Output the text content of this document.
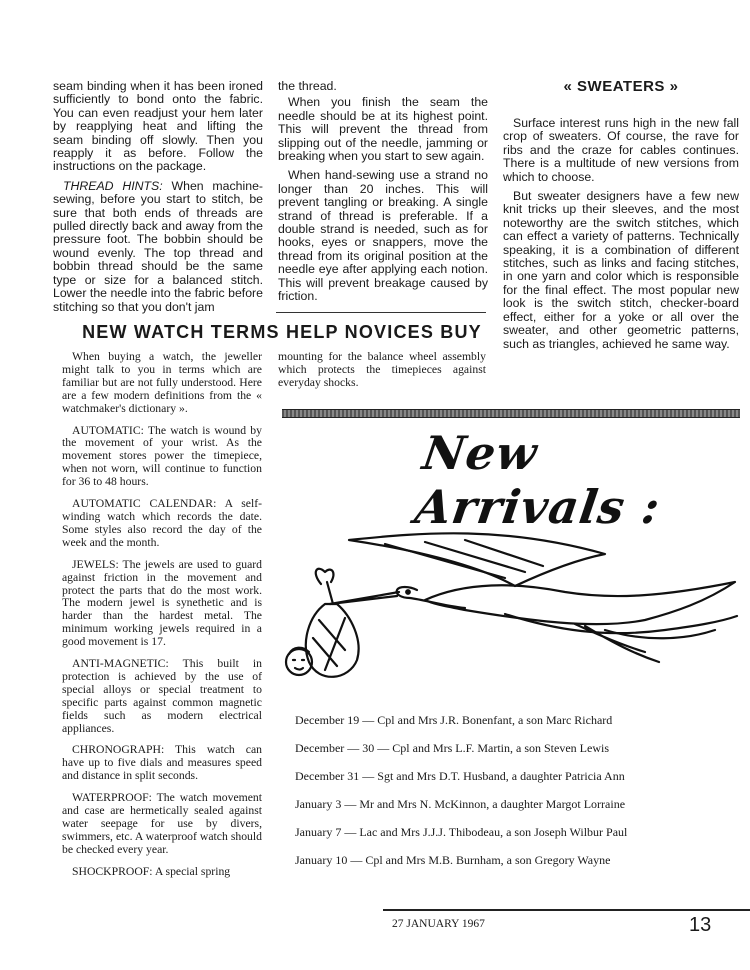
seam binding when it has been ironed sufficiently to bond onto the fabric. You can even readjust your hem later by reapplying heat and lifting the seam binding off slowly. Then you reapply it as before. Follow the instructions on the package.

THREAD HINTS: When machine-sewing, before you start to stitch, be sure that both ends of threads are pulled directly back and away from the pressure foot. The bobbin should be wound evenly. The top thread and bobbin thread should be the same type or size for a balanced stitch. Lower the needle into the fabric before stitching so that you don't jam

the thread.

When you finish the seam the needle should be at its highest point. This will prevent the thread from slipping out of the needle, jamming or breaking when you start to sew again.

When hand-sewing use a strand no longer than 20 inches. This will prevent tangling or breaking. A single strand of thread is preferable. If a double strand is needed, such as for hooks, eyes or snappers, move the thread from its original position at the needle eye after applying each notion. This will prevent breakage caused by friction.

« SWEATERS »

Surface interest runs high in the new fall crop of sweaters. Of course, the rave for ribs and the craze for cables continues. There is a multitude of new versions from which to choose.

But sweater designers have a few new knit tricks up their sleeves, and the most noteworthy are the switch stitches, which can effect a variety of patterns. Technically speaking, it is a combination of different stitches, such as links and facing stitches, in one yarn and color which is responsible for the final effect. The most popular new look is the switch stitch, checker-board effect, either for a yoke or all over the sweater, and other geometric patterns, such as triangles, achieved he same way.

NEW WATCH TERMS HELP NOVICES BUY

When buying a watch, the jeweller might talk to you in terms which are familiar but are not fully understood. Here are a few modern definitions from the « watchmaker's dictionary ».

AUTOMATIC: The watch is wound by the movement of your wrist. As the movement stores power the timepiece, when not worn, will continue to function for 36 to 48 hours.

AUTOMATIC CALENDAR: A self-winding watch which records the date. Some styles also record the day of the week and the month.

JEWELS: The jewels are used to guard against friction in the movement and protect the parts that do the most work. The modern jewel is synethetic and is harder than the hardest metal. The minimum working jewels required in a good movement is 17.

ANTI-MAGNETIC: This built in protection is achieved by the use of special alloys or special treatment to specific parts against common magnetic fields such as modern electrical appliances.

CHRONOGRAPH: This watch can have up to five dials and measures speed and distance in split seconds.

WATERPROOF: The watch movement and case are hermetically sealed against water seepage for use by divers, swimmers, etc. A waterproof watch should be checked every year.

SHOCKPROOF: A special spring

mounting for the balance wheel assembly which protects the timepieces against everyday shocks.

New Arrivals :
December 19 — Cpl and Mrs J.R. Bonenfant, a son Marc Richard
December — 30 — Cpl and Mrs L.F. Martin, a son Steven Lewis
December 31 — Sgt and Mrs D.T. Husband, a daughter Patricia Ann
January 3 — Mr and Mrs N. McKinnon, a daughter Margot Lorraine
January 7 — Lac and Mrs J.J.J. Thibodeau, a son Joseph Wilbur Paul
January 10 — Cpl and Mrs M.B. Burnham, a son Gregory Wayne
27 JANUARY 1967	13
